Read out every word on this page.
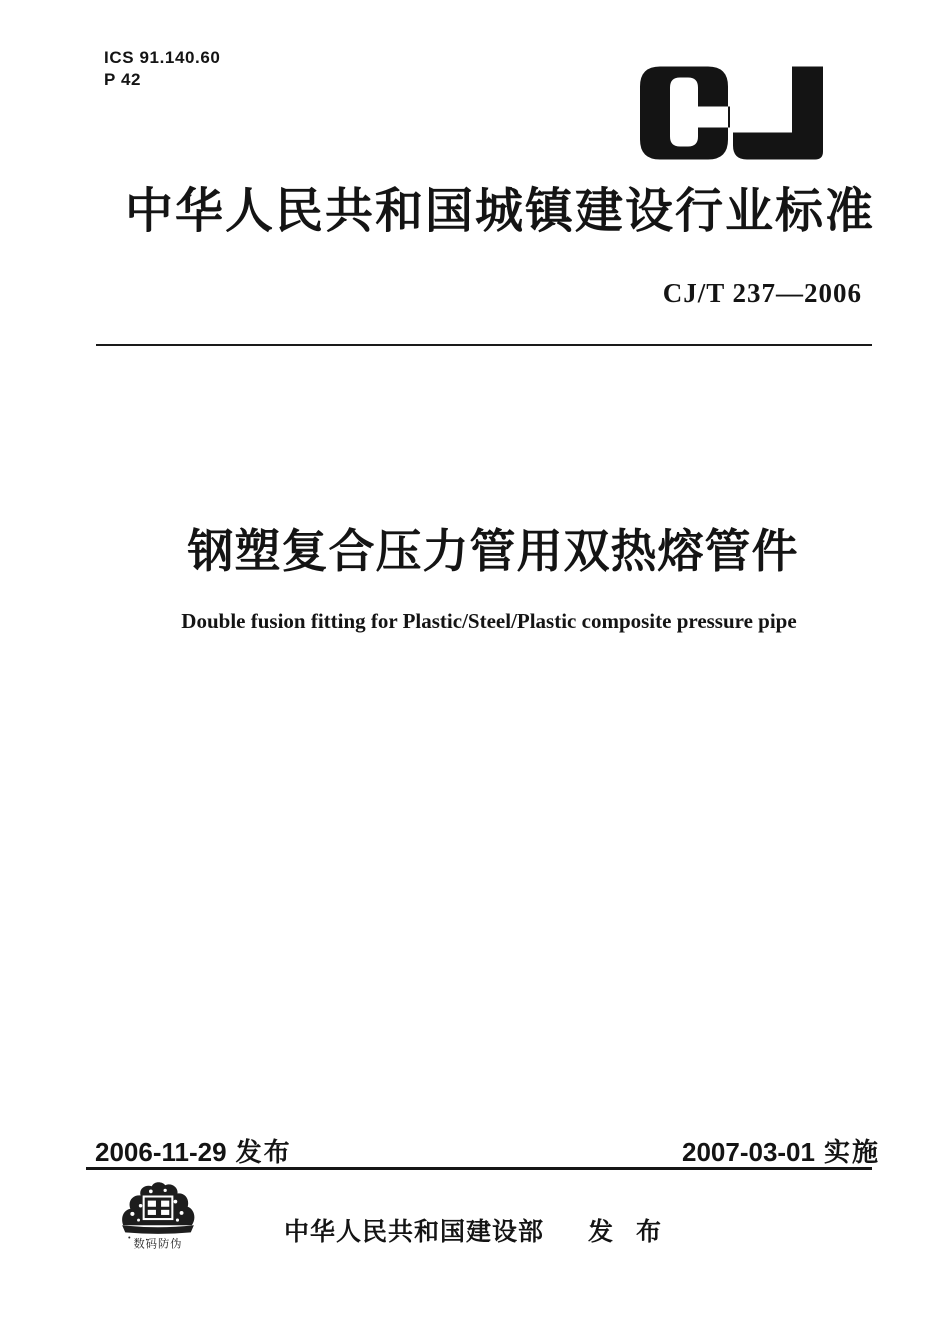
ICS 91.140.60
P 42
中华人民共和国城镇建设行业标准
CJ/T 237—2006
钢塑复合压力管用双热熔管件
Double fusion fitting for Plastic/Steel/Plastic composite pressure pipe
2006-11-29 发布	2007-03-01 实施
数码防伪	中华人民共和国建设部 发 布
